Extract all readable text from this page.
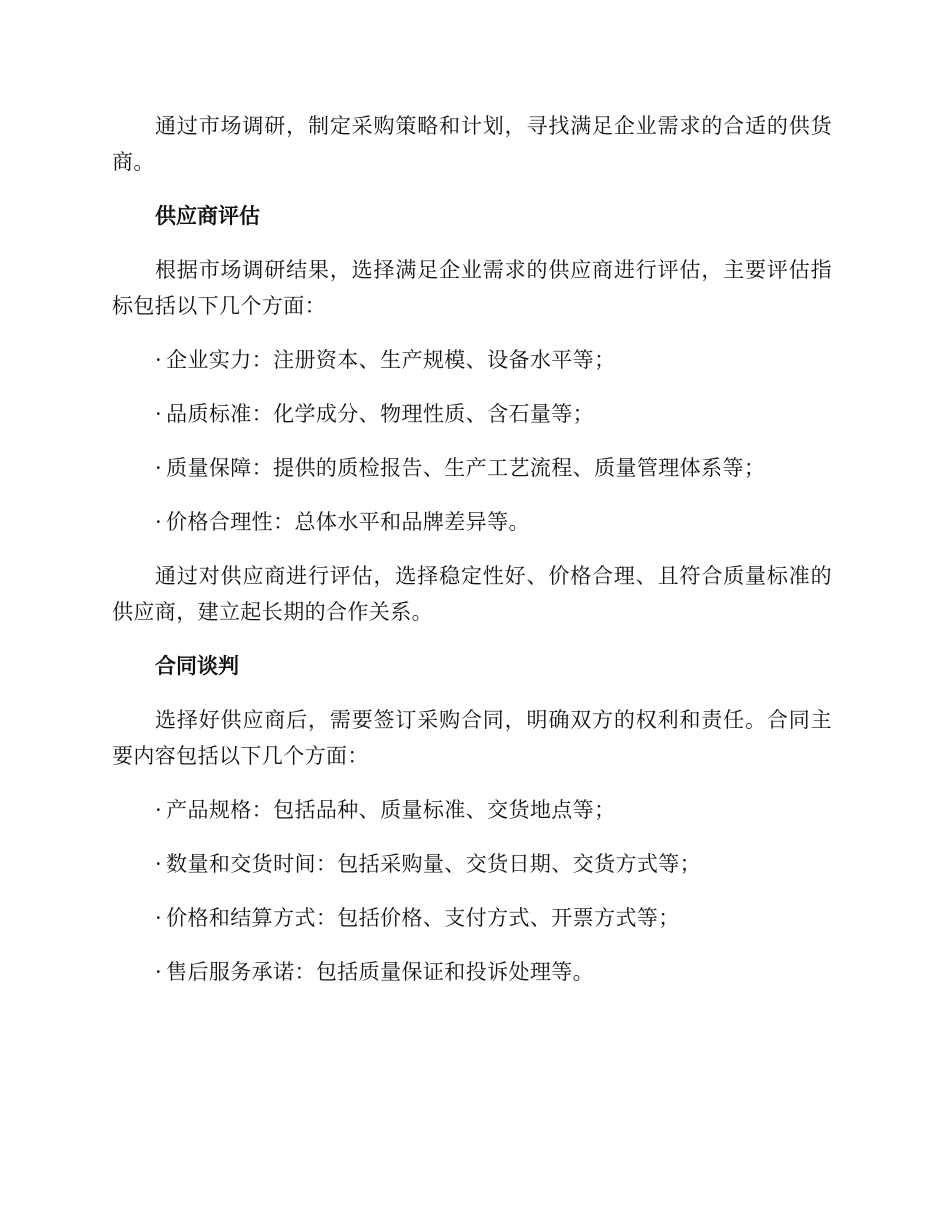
通过市场调研，制定采购策略和计划，寻找满足企业需求的合适的供货商。

供应商评估

根据市场调研结果，选择满足企业需求的供应商进行评估，主要评估指标包括以下几个方面：

· 企业实力：注册资本、生产规模、设备水平等；
· 品质标准：化学成分、物理性质、含石量等；
· 质量保障：提供的质检报告、生产工艺流程、质量管理体系等；
· 价格合理性：总体水平和品牌差异等。

通过对供应商进行评估，选择稳定性好、价格合理、且符合质量标准的供应商，建立起长期的合作关系。

合同谈判

选择好供应商后，需要签订采购合同，明确双方的权利和责任。合同主要内容包括以下几个方面：

· 产品规格：包括品种、质量标准、交货地点等；
· 数量和交货时间：包括采购量、交货日期、交货方式等；
· 价格和结算方式：包括价格、支付方式、开票方式等；
· 售后服务承诺：包括质量保证和投诉处理等。
